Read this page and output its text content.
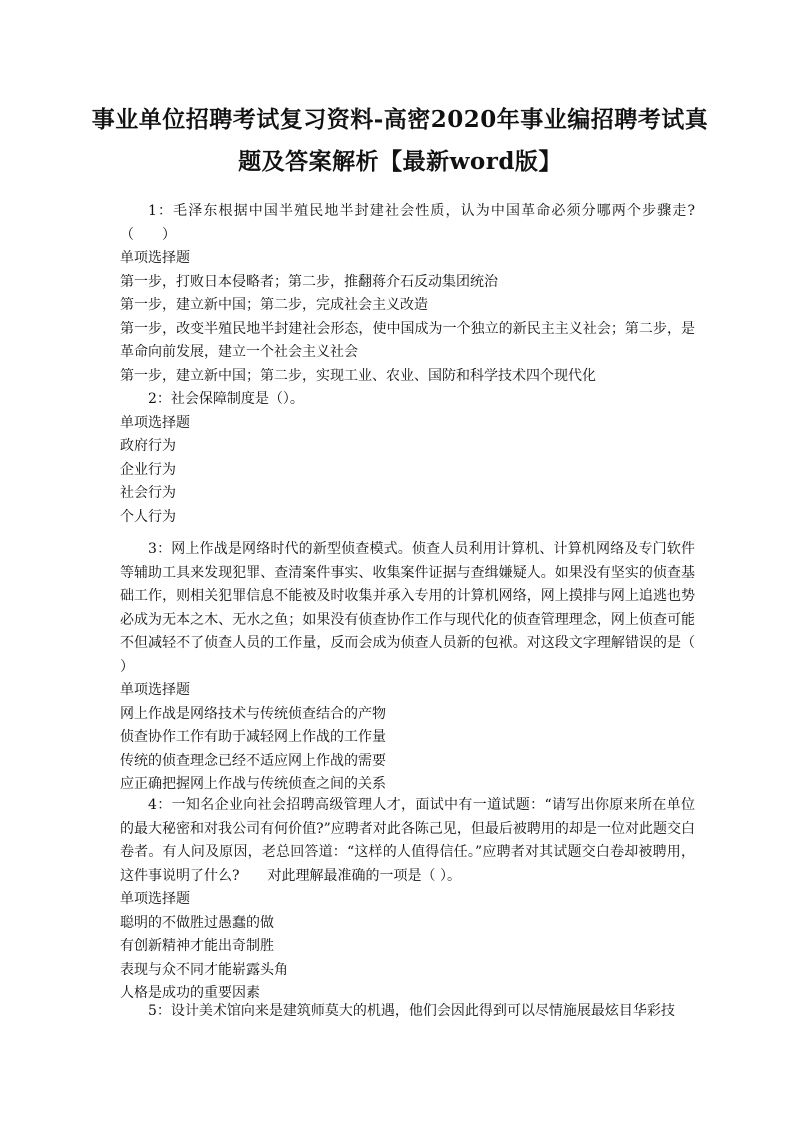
事业单位招聘考试复习资料-高密2020年事业编招聘考试真
题及答案解析【最新word版】

1：毛泽东根据中国半殖民地半封建社会性质，认为中国革命必须分哪两个步骤走?（　　）

单项选择题

第一步，打败日本侵略者；第二步，推翻蒋介石反动集团统治

第一步，建立新中国；第二步，完成社会主义改造

第一步，改变半殖民地半封建社会形态，使中国成为一个独立的新民主主义社会；第二步，是革命向前发展，建立一个社会主义社会

第一步，建立新中国；第二步，实现工业、农业、国防和科学技术四个现代化

2：社会保障制度是（）。

单项选择题

政府行为

企业行为

社会行为

个人行为

3：网上作战是网络时代的新型侦查模式。侦查人员利用计算机、计算机网络及专门软件等辅助工具来发现犯罪、查清案件事实、收集案件证据与查缉嫌疑人。如果没有坚实的侦查基础工作，则相关犯罪信息不能被及时收集并承入专用的计算机网络，网上摸排与网上追逃也势必成为无本之木、无水之鱼；如果没有侦查协作工作与现代化的侦查管理理念，网上侦查可能不但减轻不了侦查人员的工作量，反而会成为侦查人员新的包袱。对这段文字理解错误的是（ ）

单项选择题

网上作战是网络技术与传统侦查结合的产物

侦查协作工作有助于减轻网上作战的工作量

传统的侦查理念已经不适应网上作战的需要

应正确把握网上作战与传统侦查之间的关系

4：一知名企业向社会招聘高级管理人才，面试中有一道试题：“请写出你原来所在单位的最大秘密和对我公司有何价值?”应聘者对此各陈己见，但最后被聘用的却是一位对此题交白卷者。有人问及原因，老总回答道：“这样的人值得信任。”应聘者对其试题交白卷却被聘用，这件事说明了什么?　　对此理解最准确的一项是（ ）。

单项选择题

聪明的不做胜过愚蠢的做

有创新精神才能出奇制胜

表现与众不同才能崭露头角

人格是成功的重要因素

5：设计美术馆向来是建筑师莫大的机遇，他们会因此得到可以尽情施展最炫目华彩技
